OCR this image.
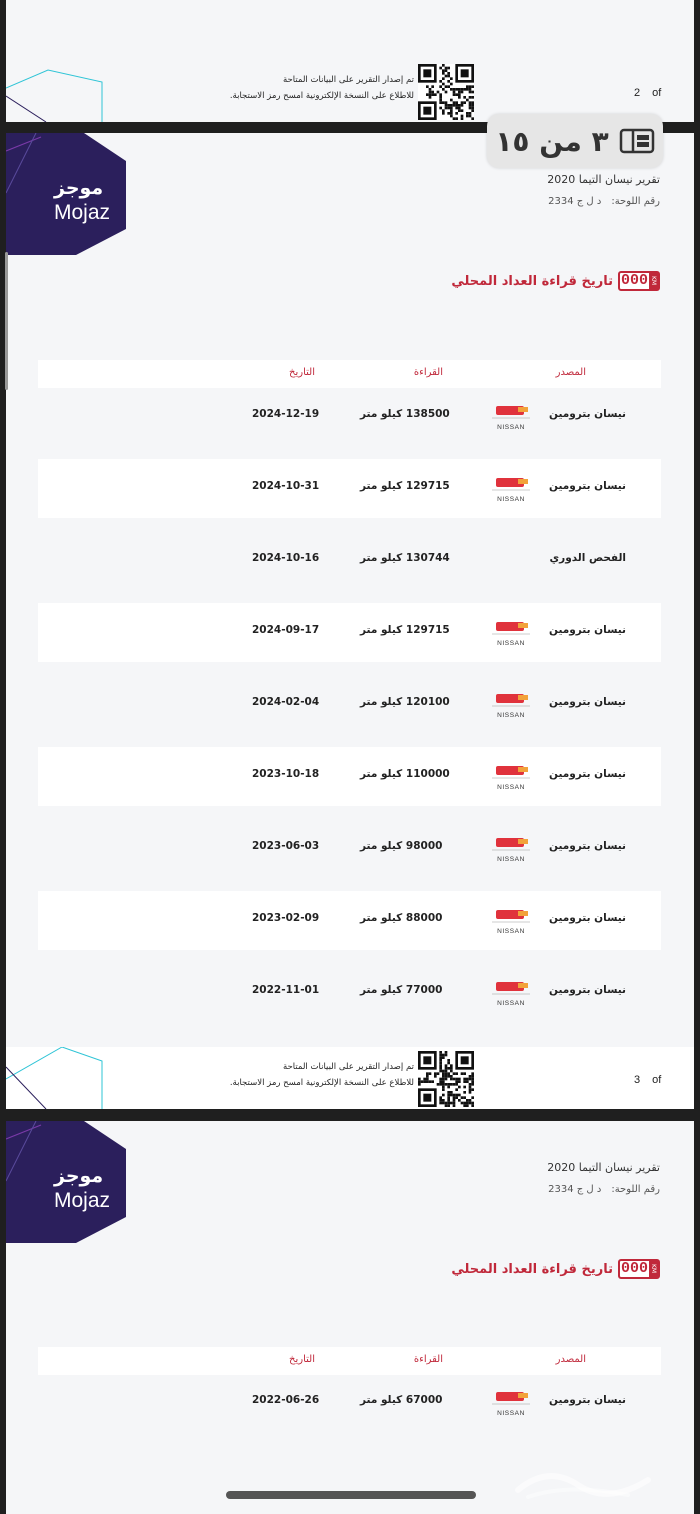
تم إصدار التقرير على البيانات المتاحة
للاطلاع على النسخة الإلكترونية امسح رمز الاستجابة.	2 of
موجز
Mojaz
تقرير نيسان التيما 2020
رقم اللوحة:د ل ج 2334
KM
000
تاريخ قراءة العداد المحلي
المصدر
القراءة
التاريخ
نيسان بترومين
NISSAN
138500 كيلو متر
2024-12-19
نيسان بترومين
NISSAN
129715 كيلو متر
2024-10-31
الفحص الدوري
130744 كيلو متر
2024-10-16
نيسان بترومين
NISSAN
129715 كيلو متر
2024-09-17
نيسان بترومين
NISSAN
120100 كيلو متر
2024-02-04
نيسان بترومين
NISSAN
110000 كيلو متر
2023-10-18
نيسان بترومين
NISSAN
98000 كيلو متر
2023-06-03
نيسان بترومين
NISSAN
88000 كيلو متر
2023-02-09
نيسان بترومين
NISSAN
77000 كيلو متر
2022-11-01
تم إصدار التقرير على البيانات المتاحة
للاطلاع على النسخة الإلكترونية امسح رمز الاستجابة.	3 of
موجز
Mojaz
تقرير نيسان التيما 2020
رقم اللوحة:د ل ج 2334
KM
000
تاريخ قراءة العداد المحلي
المصدر
القراءة
التاريخ
نيسان بترومين
NISSAN
67000 كيلو متر
2022-06-26
٣ من ١٥
